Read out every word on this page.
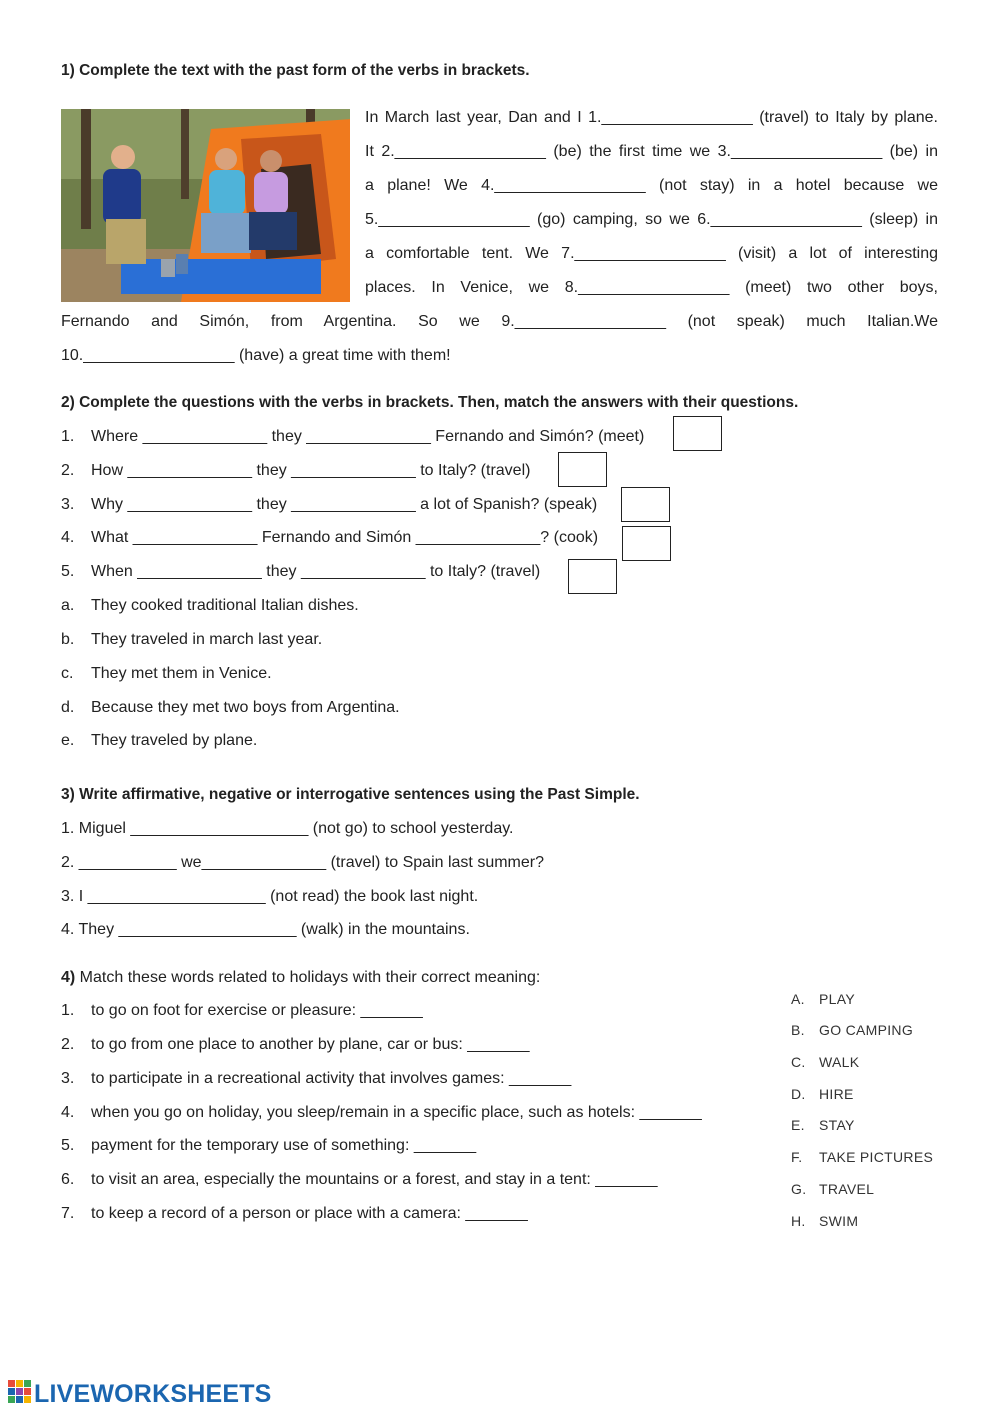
1) Complete the text with the past form of the verbs in brackets.
In March last year, Dan and I 1._________________ (travel) to Italy by plane.
It 2._________________ (be) the first time we 3._________________ (be) in
a plane! We 4._________________ (not stay) in a hotel because we
5._________________ (go) camping, so we 6._________________ (sleep) in
a comfortable tent. We 7._________________ (visit) a lot of interesting
places. In Venice, we 8._________________ (meet) two other boys,
Fernando and Simón, from Argentina. So we 9._________________ (not speak) much Italian.We
10._________________ (have) a great time with them!
2) Complete the questions with the verbs in brackets. Then, match the answers with their questions.
1. Where ______________ they ______________ Fernando and Simón? (meet)
2. How ______________ they ______________ to Italy? (travel)
3. Why ______________ they ______________ a lot of Spanish? (speak)
4. What ______________ Fernando and Simón ______________? (cook)
5. When ______________ they ______________ to Italy? (travel)
a. They cooked traditional Italian dishes.
b. They traveled in march last year.
c. They met them in Venice.
d. Because they met two boys from Argentina.
e. They traveled by plane.
3) Write affirmative, negative or interrogative sentences using the Past Simple.
1. Miguel ____________________ (not go) to school yesterday.
2. ___________ we______________ (travel) to Spain last summer?
3. I ____________________ (not read) the book last night.
4. They ____________________ (walk) in the mountains.
4) Match these words related to holidays with their correct meaning:
1. to go on foot for exercise or pleasure: _______
2. to go from one place to another by plane, car or bus: _______
3. to participate in a recreational activity that involves games: _______
4. when you go on holiday, you sleep/remain in a specific place, such as hotels: _______
5. payment for the temporary use of something: _______
6. to visit an area, especially the mountains or a forest, and stay in a tent: _______
7. to keep a record of a person or place with a camera: _______
A. PLAY
B. GO CAMPING
C. WALK
D. HIRE
E. STAY
F. TAKE PICTURES
G. TRAVEL
H. SWIM
LIVEWORKSHEETS
